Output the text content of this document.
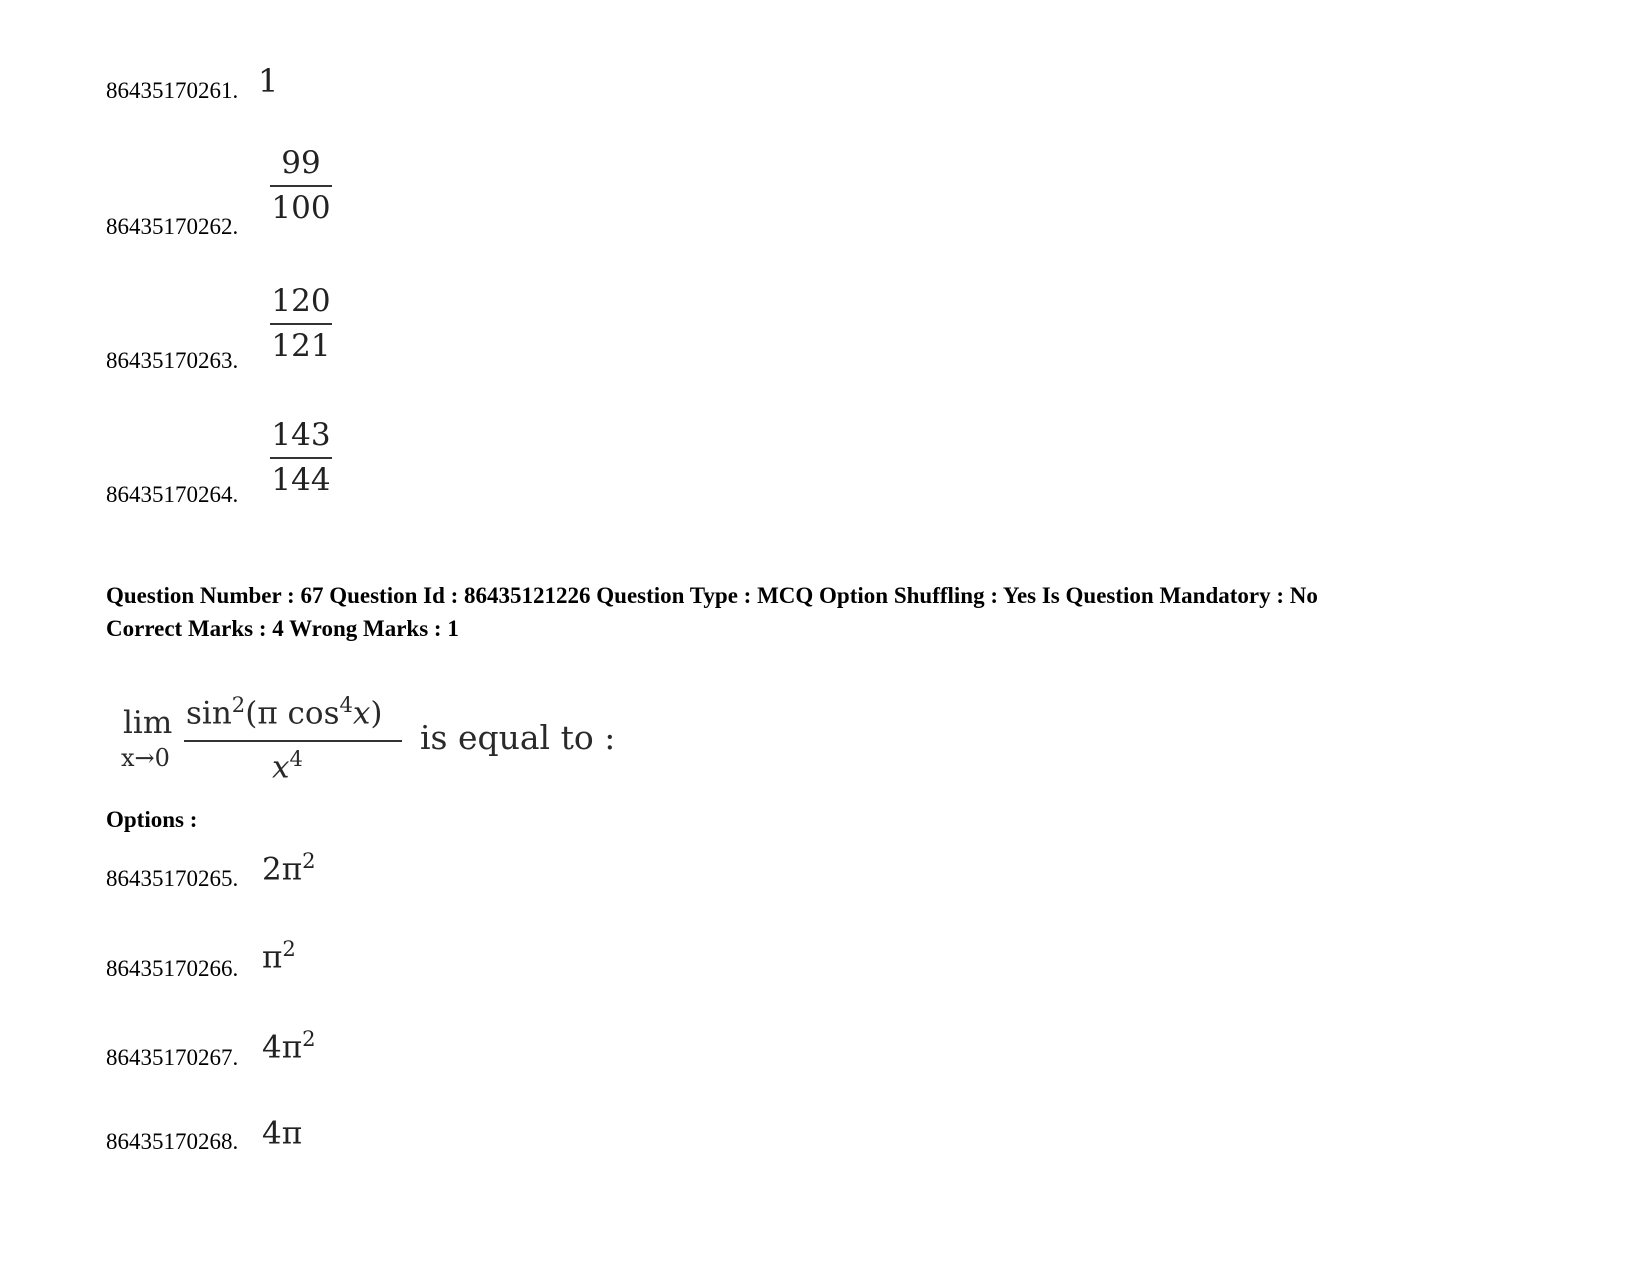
86435170261. 1
86435170262.
99
100
86435170263.
120
121
86435170264.
143
144
Question Number : 67 Question Id : 86435121226 Question Type : MCQ Option Shuffling : Yes Is Question Mandatory : No
Correct Marks : 4 Wrong Marks : 1
lim
x→0
$\sin^2(\pi$ $\cos^4x$)
$x^4$
is equal to :
Options :
86435170265. $2\pi^2$
86435170266. $\pi^2$
86435170267. $4\pi^2$
86435170268. 4π
